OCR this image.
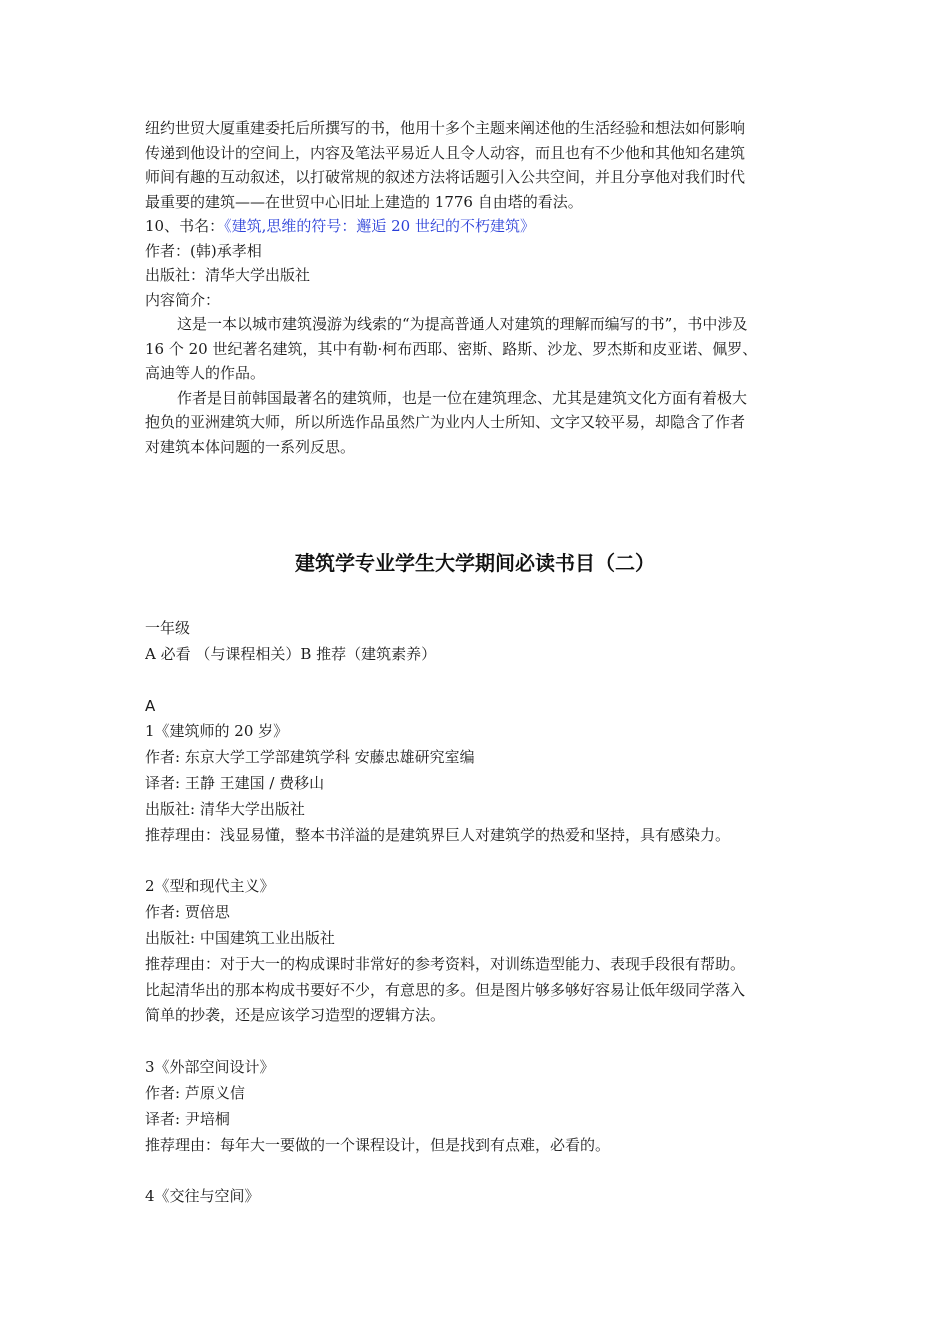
纽约世贸大厦重建委托后所撰写的书，他用十多个主题来阐述他的生活经验和想法如何影响
传递到他设计的空间上，内容及笔法平易近人且令人动容，而且也有不少他和其他知名建筑
师间有趣的互动叙述，以打破常规的叙述方法将话题引入公共空间，并且分享他对我们时代
最重要的建筑——在世贸中心旧址上建造的 1776 自由塔的看法。
10、书名：《建筑,思维的符号：邂逅 20 世纪的不朽建筑》
作者：(韩)承孝相
出版社：清华大学出版社
内容简介：
这是一本以城市建筑漫游为线索的“为提高普通人对建筑的理解而编写的书”，书中涉及
16 个 20 世纪著名建筑，其中有勒·柯布西耶、密斯、路斯、沙龙、罗杰斯和皮亚诺、佩罗、
高迪等人的作品。
作者是目前韩国最著名的建筑师，也是一位在建筑理念、尤其是建筑文化方面有着极大
抱负的亚洲建筑大师，所以所选作品虽然广为业内人士所知、文字又较平易，却隐含了作者
对建筑本体问题的一系列反思。
建筑学专业学生大学期间必读书目（二）
一年级
A 必看 （与课程相关）B 推荐（建筑素养）
A
1《建筑师的 20 岁》
作者: 东京大学工学部建筑学科 安藤忠雄研究室编
译者: 王静 王建国 / 费移山
出版社: 清华大学出版社
推荐理由：浅显易懂，整本书洋溢的是建筑界巨人对建筑学的热爱和坚持，具有感染力。
2《型和现代主义》
作者: 贾倍思
出版社: 中国建筑工业出版社
推荐理由：对于大一的构成课时非常好的参考资料，对训练造型能力、表现手段很有帮助。
比起清华出的那本构成书要好不少，有意思的多。但是图片够多够好容易让低年级同学落入
简单的抄袭，还是应该学习造型的逻辑方法。
3《外部空间设计》
作者: 芦原义信
译者: 尹培桐
推荐理由：每年大一要做的一个课程设计，但是找到有点难，必看的。
4《交往与空间》
